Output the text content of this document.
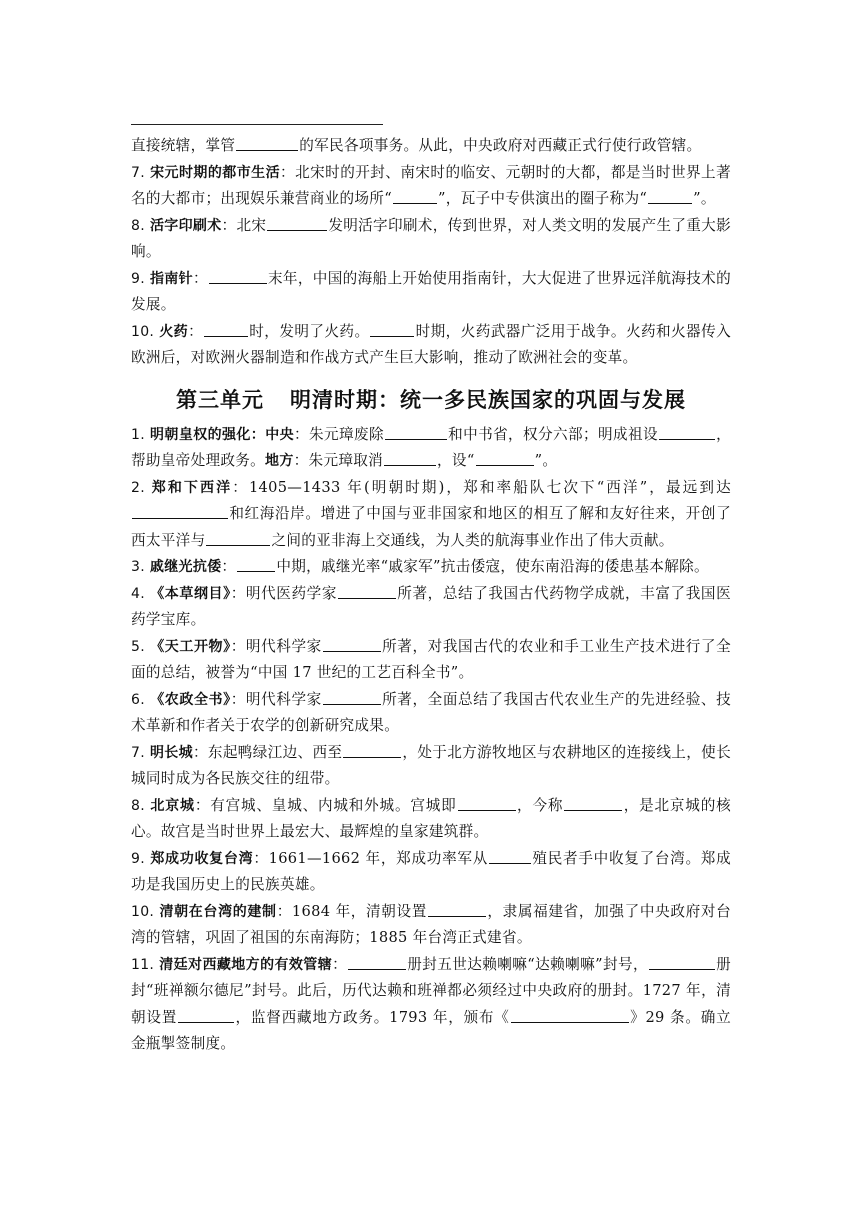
直接统辖，掌管	的军民各项事务。从此，中央政府对西藏正式行使行政管辖。

7. 宋元时期的都市生活：北宋时的开封、南宋时的临安、元朝时的大都，都是当时世界上著名的大都市；出现娱乐兼营商业的场所“	”，瓦子中专供演出的圈子称为“	”。

8. 活字印刷术：北宋	发明活字印刷术，传到世界，对人类文明的发展产生了重大影响。

9. 指南针：	末年，中国的海船上开始使用指南针，大大促进了世界远洋航海技术的发展。

10. 火药：	时，发明了火药。	时期，火药武器广泛用于战争。火药和火器传入欧洲后，对欧洲火器制造和作战方式产生巨大影响，推动了欧洲社会的变革。

第三单元 明清时期：统一多民族国家的巩固与发展

1. 明朝皇权的强化：中央：朱元璋废除	和中书省，权分六部；明成祖设	，帮助皇帝处理政务。地方：朱元璋取消	，设“	”。

2. 郑和下西洋：1405—1433 年(明朝时期)，郑和率船队七次下“西洋”，最远到达和红海沿岸。增进了中国与亚非国家和地区的相互了解和友好往来，开创了西太平洋与	之间的亚非海上交通线，为人类的航海事业作出了伟大贡献。

3. 戚继光抗倭：	中期，戚继光率“戚家军”抗击倭寇，使东南沿海的倭患基本解除。

4. 《本草纲目》：明代医药学家	所著，总结了我国古代药物学成就，丰富了我国医药学宝库。

5. 《天工开物》：明代科学家	所著，对我国古代的农业和手工业生产技术进行了全面的总结，被誉为“中国 17 世纪的工艺百科全书”。

6. 《农政全书》：明代科学家	所著，全面总结了我国古代农业生产的先进经验、技术革新和作者关于农学的创新研究成果。

7. 明长城：东起鸭绿江边、西至	，处于北方游牧地区与农耕地区的连接线上，使长城同时成为各民族交往的纽带。

8. 北京城：有宫城、皇城、内城和外城。宫城即	，今称	，是北京城的核心。故宫是当时世界上最宏大、最辉煌的皇家建筑群。

9. 郑成功收复台湾：1661—1662 年，郑成功率军从	殖民者手中收复了台湾。郑成功是我国历史上的民族英雄。

10. 清朝在台湾的建制：1684 年，清朝设置	，隶属福建省，加强了中央政府对台湾的管辖，巩固了祖国的东南海防；1885 年台湾正式建省。

11. 清廷对西藏地方的有效管辖：	册封五世达赖喇嘛“达赖喇嘛”封号，	册封“班禅额尔德尼”封号。此后，历代达赖和班禅都必须经过中央政府的册封。1727 年，清朝设置	，监督西藏地方政务。1793 年，颁布《	》29 条。确立金瓶掣签制度。
